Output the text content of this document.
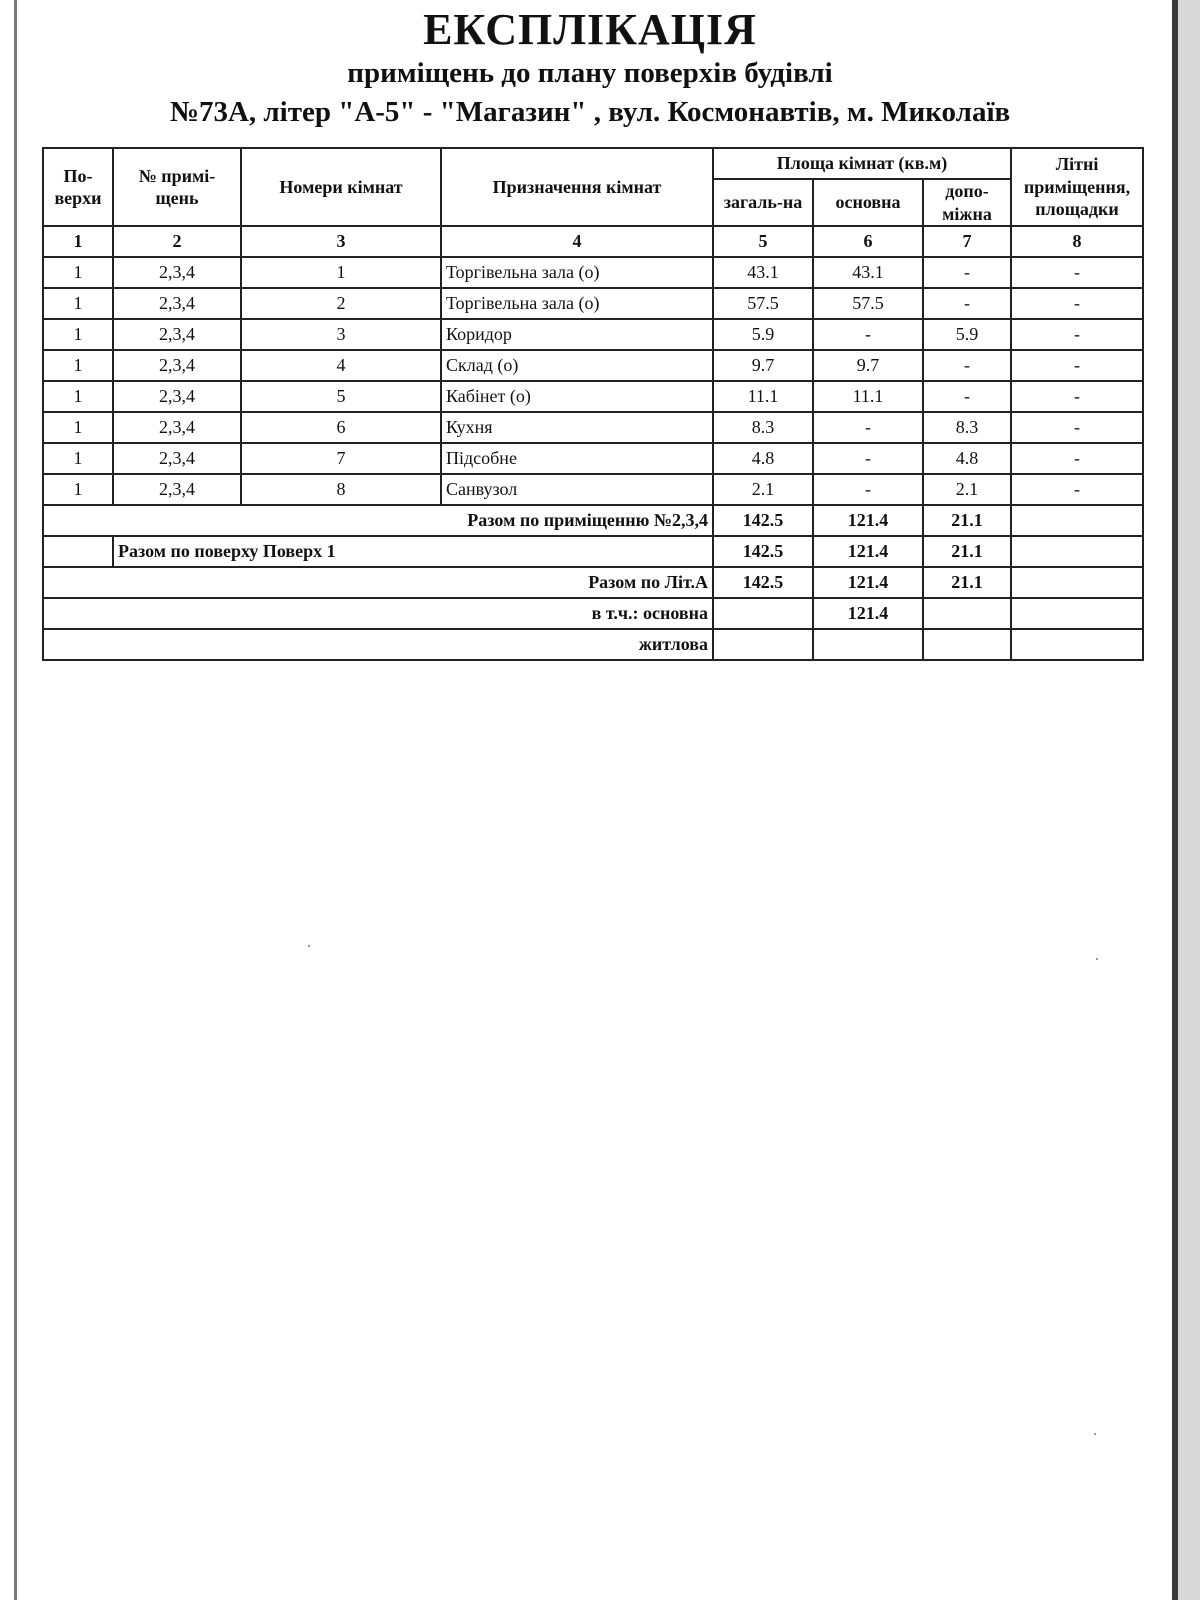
ЕКСПЛІКАЦІЯ
приміщень до плану поверхів будівлі
№73А, літер "А-5" - "Магазин" , вул. Космонавтів, м. Миколаїв
По-верхи	№ примі-щень	Номери кімнат	Призначення кімнат	Площа кімнат (кв.м)			Літні приміщення, площадки
				загаль-на	основна	допо-міжна	
1	2	3	4	5	6	7	8
1	2,3,4	1	Торгівельна зала (о)	43.1	43.1	-	-
1	2,3,4	2	Торгівельна зала (о)	57.5	57.5	-	-
1	2,3,4	3	Коридор	5.9	-	5.9	-
1	2,3,4	4	Склад (о)	9.7	9.7	-	-
1	2,3,4	5	Кабінет (о)	11.1	11.1	-	-
1	2,3,4	6	Кухня	8.3	-	8.3	-
1	2,3,4	7	Підсобне	4.8	-	4.8	-
1	2,3,4	8	Санвузол	2.1	-	2.1	-
Разом по приміщенню №2,3,4				142.5	121.4	21.1	
	Разом по поверху Поверх 1			142.5	121.4	21.1	
Разом по Літ.А				142.5	121.4	21.1	
в т.ч.: основна					121.4		
житлова							
